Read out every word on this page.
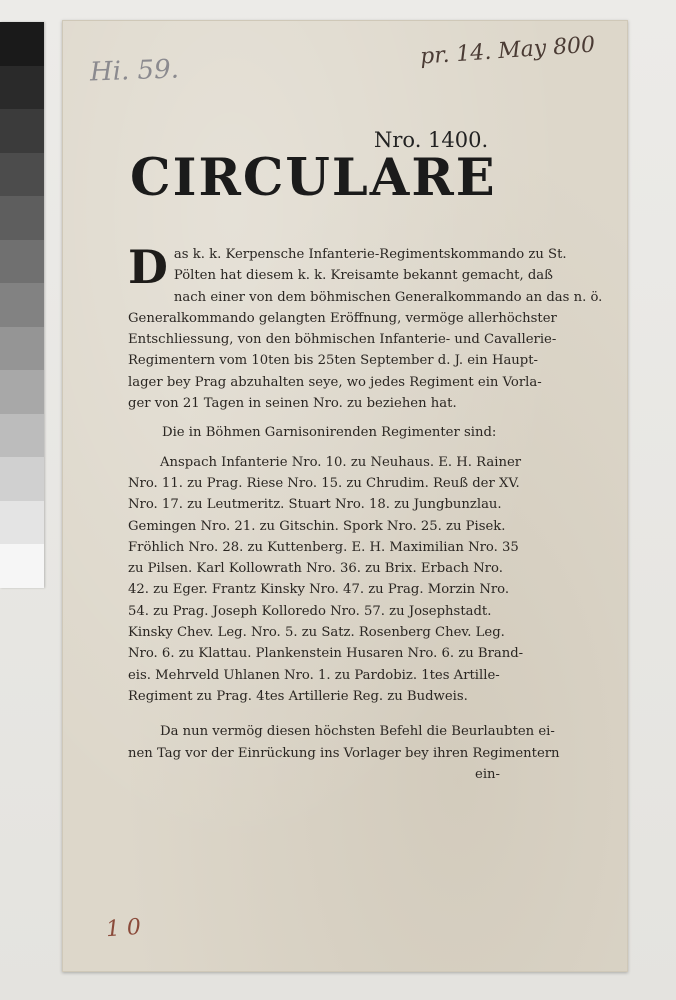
pr. 14. May 800
Hi. 59.
1 0
Nro. 1400.
CIRCULARE
D as k. k. Kerpensche Infanterie-Regimentskommando zu St.
Pölten hat diesem k. k. Kreisamte bekannt gemacht, daß
nach einer von dem böhmischen Generalkommando an das n. ö.
Generalkommando gelangten Eröffnung, vermöge allerhöchster
Entschliessung, von den böhmischen Infanterie- und Cavallerie-
Regimentern vom 10ten bis 25ten September d. J. ein Haupt-
lager bey Prag abzuhalten seye, wo jedes Regiment ein Vorla-
ger von 21 Tagen in seinen Nro. zu beziehen hat.
Die in Böhmen Garnisonirenden Regimenter sind:
Anspach Infanterie Nro. 10. zu Neuhaus. E. H. Rainer
Nro. 11. zu Prag. Riese Nro. 15. zu Chrudim. Reuß der XV.
Nro. 17. zu Leutmeritz. Stuart Nro. 18. zu Jungbunzlau.
Gemingen Nro. 21. zu Gitschin. Spork Nro. 25. zu Pisek.
Fröhlich Nro. 28. zu Kuttenberg. E. H. Maximilian Nro. 35
zu Pilsen. Karl Kollowrath Nro. 36. zu Brix. Erbach Nro.
42. zu Eger. Frantz Kinsky Nro. 47. zu Prag. Morzin Nro.
54. zu Prag. Joseph Kolloredo Nro. 57. zu Josephstadt.
Kinsky Chev. Leg. Nro. 5. zu Satz. Rosenberg Chev. Leg.
Nro. 6. zu Klattau. Plankenstein Husaren Nro. 6. zu Brand-
eis. Mehrveld Uhlanen Nro. 1. zu Pardobiz. 1tes Artille-
Regiment zu Prag. 4tes Artillerie Reg. zu Budweis.
Da nun vermög diesen höchsten Befehl die Beurlaubten ei-
nen Tag vor der Einrückung ins Vorlager bey ihren Regimentern
ein-
